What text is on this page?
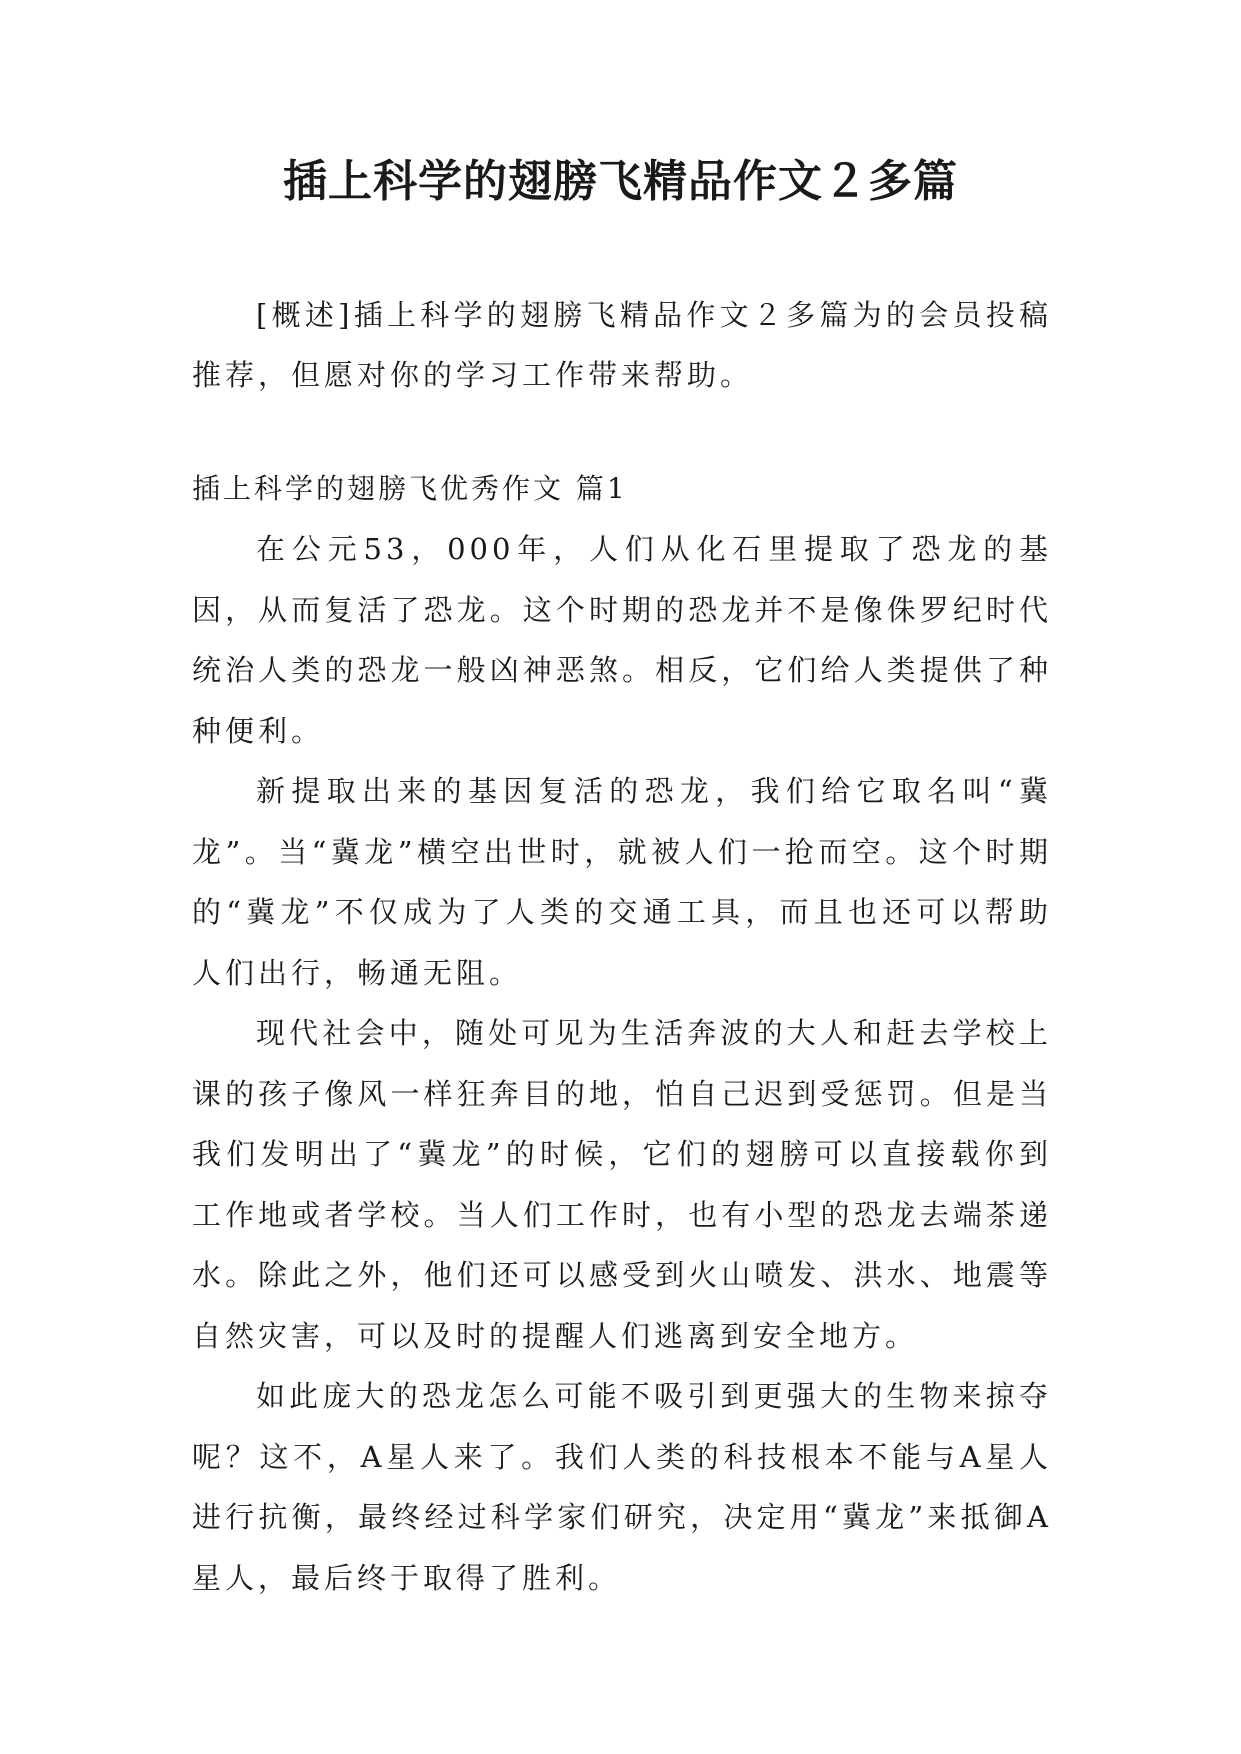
插上科学的翅膀飞精品作文２多篇

[概述]插上科学的翅膀飞精品作文２多篇为的会员投稿推荐，但愿对你的学习工作带来帮助。

插上科学的翅膀飞优秀作文 篇1

在公元53，000年，人们从化石里提取了恐龙的基因，从而复活了恐龙。这个时期的恐龙并不是像侏罗纪时代统治人类的恐龙一般凶神恶煞。相反，它们给人类提供了种种便利。

新提取出来的基因复活的恐龙，我们给它取名叫“冀龙”。当“冀龙”横空出世时，就被人们一抢而空。这个时期的“冀龙”不仅成为了人类的交通工具，而且也还可以帮助人们出行，畅通无阻。

现代社会中，随处可见为生活奔波的大人和赶去学校上课的孩子像风一样狂奔目的地，怕自己迟到受惩罚。但是当我们发明出了“冀龙”的时候，它们的翅膀可以直接载你到工作地或者学校。当人们工作时，也有小型的恐龙去端茶递水。除此之外，他们还可以感受到火山喷发、洪水、地震等自然灾害，可以及时的提醒人们逃离到安全地方。

如此庞大的恐龙怎么可能不吸引到更强大的生物来掠夺呢？这不，A星人来了。我们人类的科技根本不能与A星人进行抗衡，最终经过科学家们研究，决定用“冀龙”来抵御A星人，最后终于取得了胜利。
